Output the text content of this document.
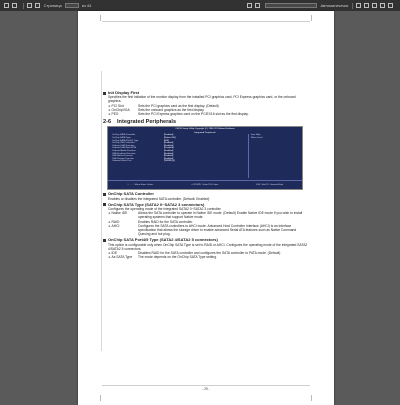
Страница	из 44	Автоматически
Init Display First
Specifies the first initiation of the monitor display from the installed PCI graphics card, PCI Express graphics card, or the onboard graphics.
➔PCI Slot	Sets the PCI graphics card as the first display. (Default)
➔OnChipVGA	Sets the onboard graphics as the first display.
➔PEG	Sets the PCI Express graphics card on the PCIEX16 slot as the first display.
2-6	Integrated Peripherals
CMOS Setup Utility-Copyright (C) 1984-2011 Award Software
Integrated Peripherals
OnChip SATA Controller	[Enabled]
OnChip SATA Type	[Native IDE]
OnChip SATA Port4/5 Type	[IDE]
OnChip USB Controller	[Enabled]
Onboard LAN Function	[Enabled]
Onboard LAN Boot ROM	[Disabled]
Onboard Audio Function	[Enabled]
USB Keyboard Function	[Enabled]
USB Mouse Function	[Enabled]
USB Storage Function	[Enabled]
Onboard Serial Port	[3F8/IRQ4]
Item Help
Menu Level
↑↓→←: Move Enter: Select	+/-/PU/PD: Value F10: Save	ESC: Exit F1: General Help
OnChip SATA Controller
Enables or disables the integrated SATA controller. (Default: Enabled)
OnChip SATA Type (SATA2 0~SATA2 3 connectors)
Configures the operating mode of the integrated SATA2 0~SATA2 3 controller.
➔Native IDE	Allows the SATA controller to operate in Native IDE mode. (Default) Enable Native IDE mode if you wish to install operating systems that support Native mode.
➔RAID	Enables RAID for the SATA controller.
➔AHCI	Configures the SATA controllers to AHCI mode. Advanced Host Controller Interface (AHCI) is an interface specification that allows the storage driver to enable advanced Serial ATA features such as Native Command Queuing and hot plug.
OnChip SATA Port4/5 Type (SATA2 4/SATA2 5 connectors)
This option is configurable only when OnChip SATA Type is set to RAID or AHCI. Configures the operating mode of the integrated SATA2 4/SATA2 5 connectors.
➔IDE	Disables RAID for the SATA controller and configures the SATA controller to PATA mode. (Default)
➔As SATA Type	The mode depends on the OnChip SATA Type setting.
- 29 -
